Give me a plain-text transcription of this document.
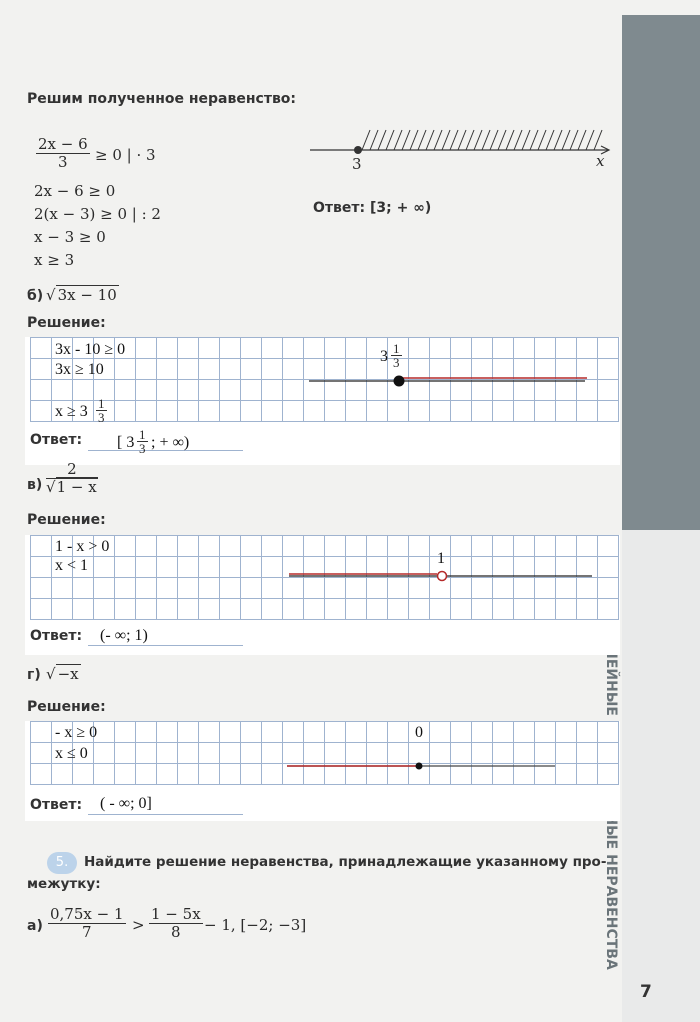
7
Решим полученное неравенство:
$\frac{2x - 6}{3} \ge 0$ | · 3
2x − 6 ≥ 0
2(x − 3) ≥ 0 | : 2
x − 3 ≥ 0
x ≥ 3
3	x
Ответ: [3; + ∞)
б) √ 3x − 10
Решение:
3x - 10 ≥ 0
3x ≥ 10
$x \ge 3 \frac{1}{3}$
$3 \frac{1}{3}$
Ответ: [ $3 \frac{1}{3}$ ; + ∞)
$в) \frac{2}{√1 - x}$
Решение:
1 - x > 0
x < 1	1
Ответ: (- ∞; 1)
г) √ −x
Решение:
- x ≥ 0
x ≤ 0
0
Ответ: ( - ∞; 0]
5.	Найдите решение неравенства, принадлежащие указанному про-
межутку:
$а) \frac{0,75x - 1}{7} > \frac{1 - 5x}{8} - 1$, [−2; −3]
